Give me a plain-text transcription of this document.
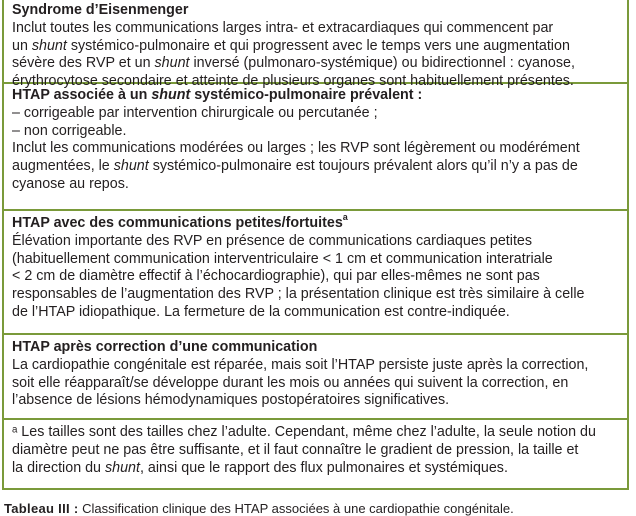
Syndrome d’Eisenmenger
Inclut toutes les communications larges intra- et extracardiaques qui commencent par
un shunt systémico-pulmonaire et qui progressent avec le temps vers une augmentation
sévère des RVP et un shunt inversé (pulmonaro-systémique) ou bidirectionnel : cyanose,
érythrocytose secondaire et atteinte de plusieurs organes sont habituellement présentes.
HTAP associée à un shunt systémico-pulmonaire prévalent :
– corrigeable par intervention chirurgicale ou percutanée ;
– non corrigeable.
Inclut les communications modérées ou larges ; les RVP sont légèrement ou modérément
augmentées, le shunt systémico-pulmonaire est toujours prévalent alors qu’il n’y a pas de
cyanose au repos.
HTAP avec des communications petites/fortuites$^a$
Élévation importante des RVP en présence de communications cardiaques petites
(habituellement communication interventriculaire < 1 cm et communication interatriale
< 2 cm de diamètre effectif à l’échocardiographie), qui par elles-mêmes ne sont pas
responsables de l’augmentation des RVP ; la présentation clinique est très similaire à celle
de l’HTAP idiopathique. La fermeture de la communication est contre-indiquée.
HTAP après correction d’une communication
La cardiopathie congénitale est réparée, mais soit l’HTAP persiste juste après la correction,
soit elle réapparaît/se développe durant les mois ou années qui suivent la correction, en
l’absence de lésions hémodynamiques postopératoires significatives.
ᵃ Les tailles sont des tailles chez l’adulte. Cependant, même chez l’adulte, la seule notion du
diamètre peut ne pas être suffisante, et il faut connaître le gradient de pression, la taille et
la direction du shunt, ainsi que le rapport des flux pulmonaires et systémiques.
Tableau III : Classification clinique des HTAP associées à une cardiopathie congénitale.
